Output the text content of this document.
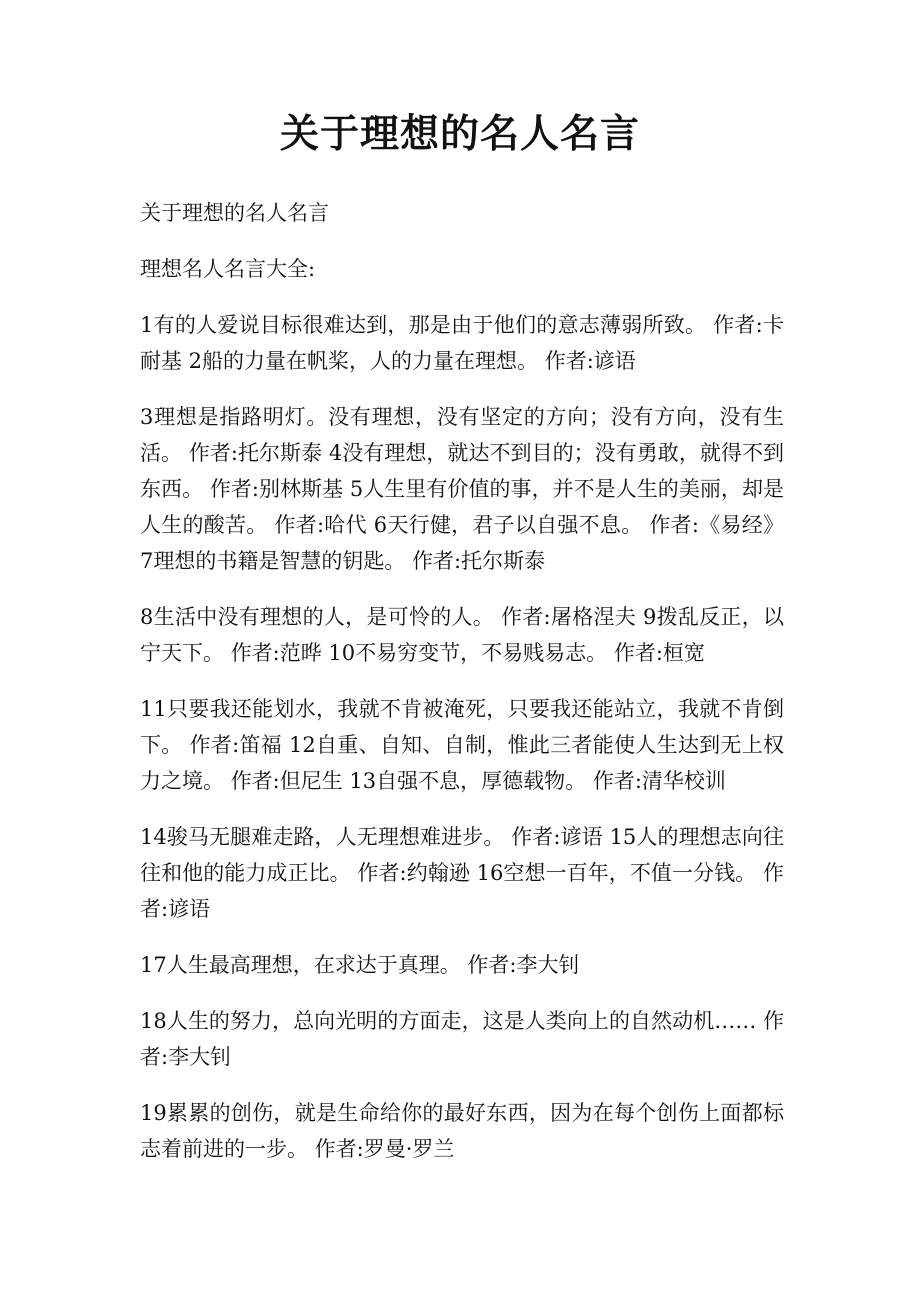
关于理想的名人名言

关于理想的名人名言

理想名人名言大全:

1有的人爱说目标很难达到，那是由于他们的意志薄弱所致。 作者:卡耐基 2船的力量在帆桨，人的力量在理想。 作者:谚语

3理想是指路明灯。没有理想，没有坚定的方向；没有方向，没有生活。 作者:托尔斯泰 4没有理想，就达不到目的；没有勇敢，就得不到东西。 作者:别林斯基 5人生里有价值的事，并不是人生的美丽，却是人生的酸苦。 作者:哈代 6天行健，君子以自强不息。 作者:《易经》 7理想的书籍是智慧的钥匙。 作者:托尔斯泰

8生活中没有理想的人，是可怜的人。 作者:屠格涅夫 9拨乱反正，以宁天下。 作者:范晔 10不易穷变节，不易贱易志。 作者:桓宽

11只要我还能划水，我就不肯被淹死，只要我还能站立，我就不肯倒下。 作者:笛福 12自重、自知、自制，惟此三者能使人生达到无上权力之境。 作者:但尼生 13自强不息，厚德载物。 作者:清华校训

14骏马无腿难走路，人无理想难进步。 作者:谚语 15人的理想志向往往和他的能力成正比。 作者:约翰逊 16空想一百年，不值一分钱。 作者:谚语

17人生最高理想，在求达于真理。 作者:李大钊

18人生的努力，总向光明的方面走，这是人类向上的自然动机…… 作者:李大钊

19累累的创伤，就是生命给你的最好东西，因为在每个创伤上面都标志着前进的一步。 作者:罗曼·罗兰
